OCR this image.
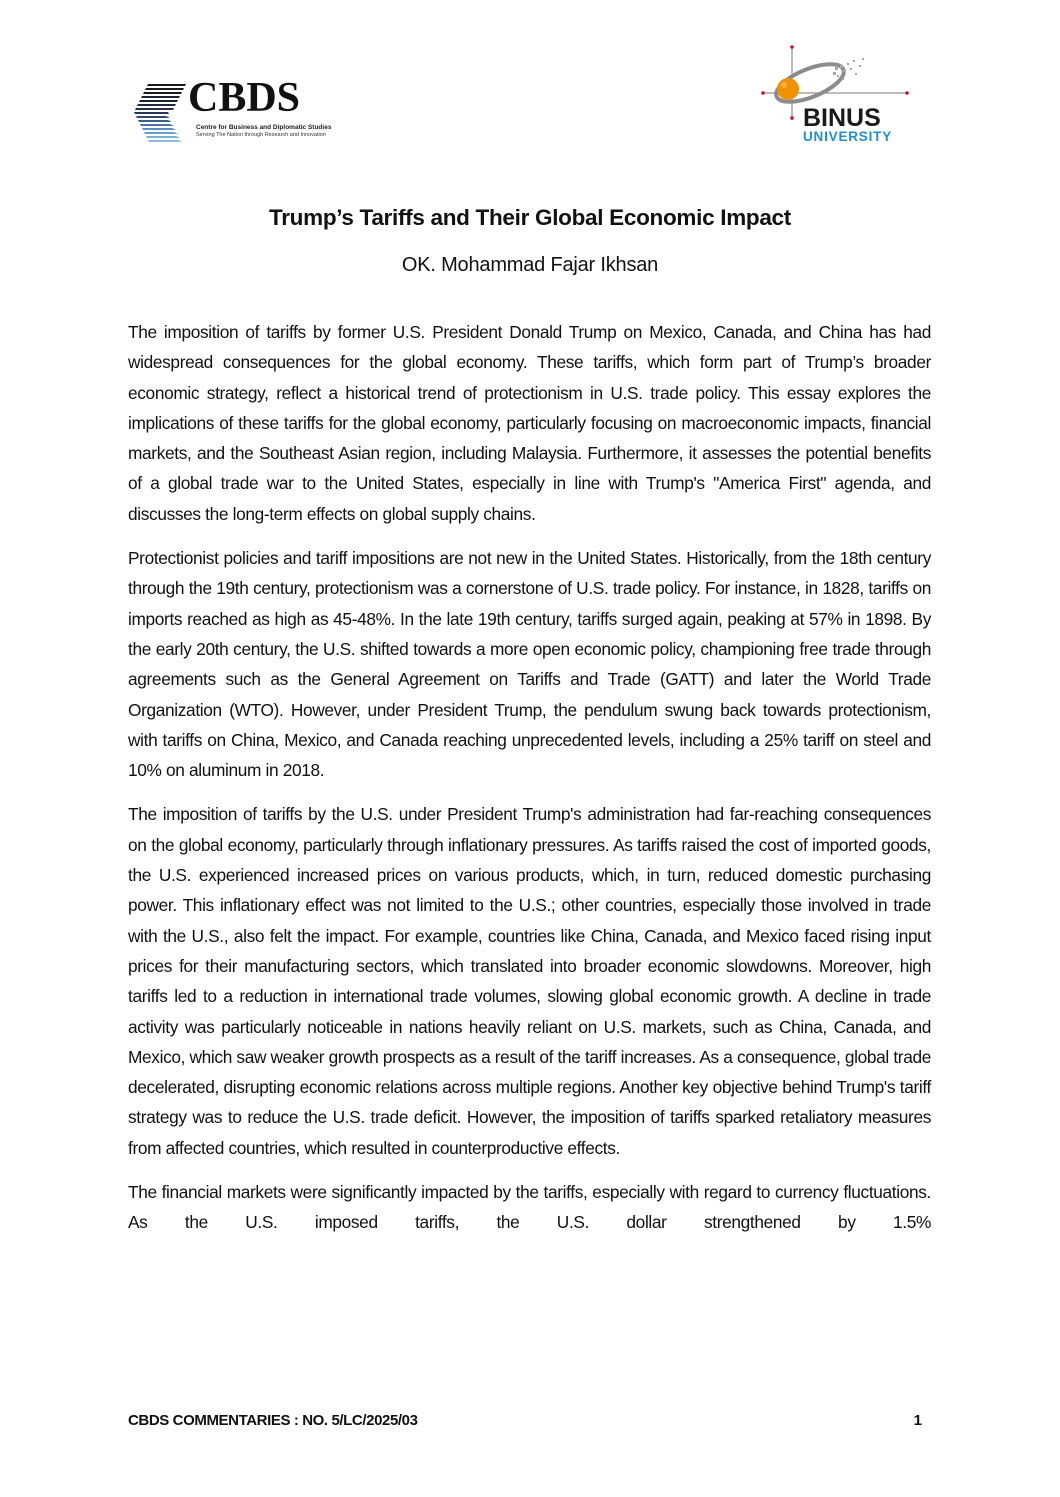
CBDS
Centre for Business and Diplomatic Studies
Serving The Nation through Research and Innovation
BINUS
UNIVERSITY
Trump’s Tariffs and Their Global Economic Impact
OK. Mohammad Fajar Ikhsan

The imposition of tariffs by former U.S. President Donald Trump on Mexico, Canada, and China has had widespread consequences for the global economy. These tariffs, which form part of Trump’s broader economic strategy, reflect a historical trend of protectionism in U.S. trade policy. This essay explores the implications of these tariffs for the global economy, particularly focusing on macroeconomic impacts, financial markets, and the Southeast Asian region, including Malaysia. Furthermore, it assesses the potential benefits of a global trade war to the United States, especially in line with Trump's "America First" agenda, and discusses the long-term effects on global supply chains.

Protectionist policies and tariff impositions are not new in the United States. Historically, from the 18th century through the 19th century, protectionism was a cornerstone of U.S. trade policy. For instance, in 1828, tariffs on imports reached as high as 45-48%. In the late 19th century, tariffs surged again, peaking at 57% in 1898. By the early 20th century, the U.S. shifted towards a more open economic policy, championing free trade through agreements such as the General Agreement on Tariffs and Trade (GATT) and later the World Trade Organization (WTO). However, under President Trump, the pendulum swung back towards protectionism, with tariffs on China, Mexico, and Canada reaching unprecedented levels, including a 25% tariff on steel and 10% on aluminum in 2018.

The imposition of tariffs by the U.S. under President Trump's administration had far-reaching consequences on the global economy, particularly through inflationary pressures. As tariffs raised the cost of imported goods, the U.S. experienced increased prices on various products, which, in turn, reduced domestic purchasing power. This inflationary effect was not limited to the U.S.; other countries, especially those involved in trade with the U.S., also felt the impact. For example, countries like China, Canada, and Mexico faced rising input prices for their manufacturing sectors, which translated into broader economic slowdowns. Moreover, high tariffs led to a reduction in international trade volumes, slowing global economic growth. A decline in trade activity was particularly noticeable in nations heavily reliant on U.S. markets, such as China, Canada, and Mexico, which saw weaker growth prospects as a result of the tariff increases. As a consequence, global trade decelerated, disrupting economic relations across multiple regions. Another key objective behind Trump's tariff strategy was to reduce the U.S. trade deficit. However, the imposition of tariffs sparked retaliatory measures from affected countries, which resulted in counterproductive effects.

The financial markets were significantly impacted by the tariffs, especially with regard to currency fluctuations. As the U.S. imposed tariffs, the U.S. dollar strengthened by 1.5%

CBDS COMMENTARIES : NO. 5/LC/2025/03	1
